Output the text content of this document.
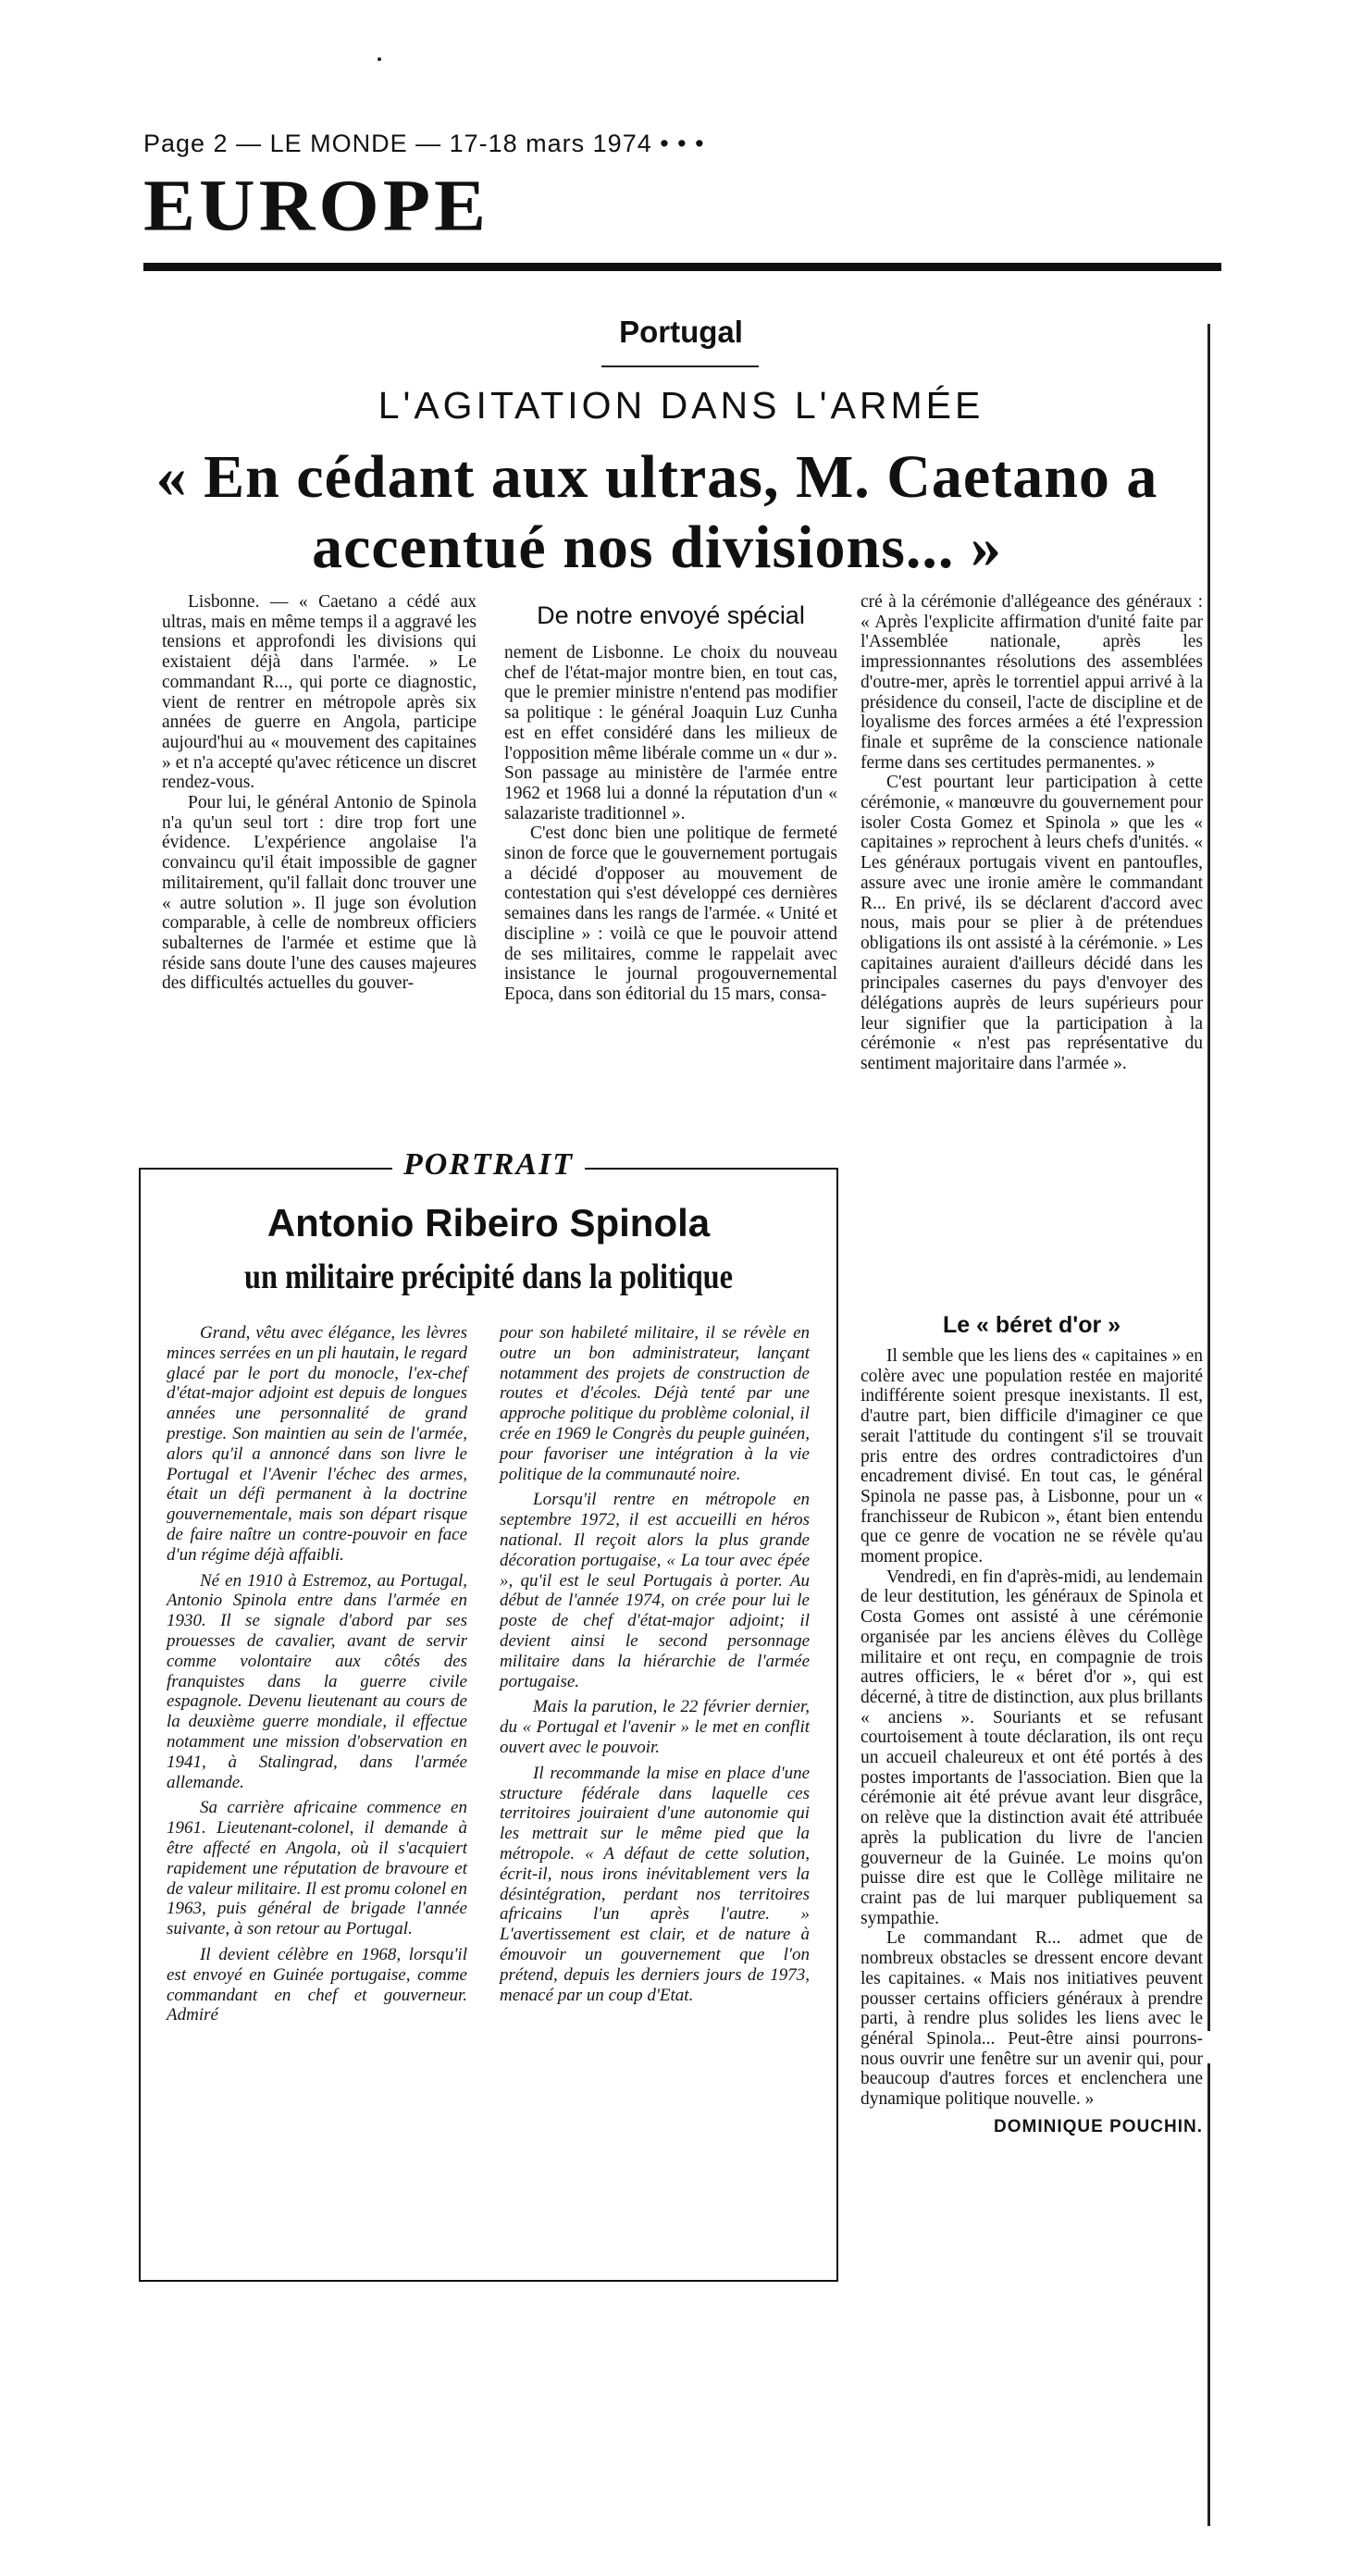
Page 2 — LE MONDE — 17-18 mars 1974 • • •
EUROPE
Portugal
L'AGITATION DANS L'ARMÉE
« En cédant aux ultras, M. Caetano a accentué nos divisions... »
De notre envoyé spécial

Lisbonne. — « Caetano a cédé aux ultras, mais en même temps il a aggravé les tensions et approfondi les divisions qui existaient déjà dans l'armée. » Le commandant R..., qui porte ce diagnostic, vient de rentrer en métropole après six années de guerre en Angola, participe aujourd'hui au « mouvement des capitaines » et n'a accepté qu'avec réticence un discret rendez-vous.

Pour lui, le général Antonio de Spinola n'a qu'un seul tort : dire trop fort une évidence. L'expérience angolaise l'a convaincu qu'il était impossible de gagner militairement, qu'il fallait donc trouver une « autre solution ». Il juge son évolution comparable, à celle de nombreux officiers subalternes de l'armée et estime que là réside sans doute l'une des causes majeures des difficultés actuelles du gouver-

nement de Lisbonne. Le choix du nouveau chef de l'état-major montre bien, en tout cas, que le premier ministre n'entend pas modifier sa politique : le général Joaquin Luz Cunha est en effet considéré dans les milieux de l'opposition même libérale comme un « dur ». Son passage au ministère de l'armée entre 1962 et 1968 lui a donné la réputation d'un « salazariste traditionnel ».

C'est donc bien une politique de fermeté sinon de force que le gouvernement portugais a décidé d'opposer au mouvement de contestation qui s'est développé ces dernières semaines dans les rangs de l'armée. « Unité et discipline » : voilà ce que le pouvoir attend de ses militaires, comme le rappelait avec insistance le journal progouvernemental Epoca, dans son éditorial du 15 mars, consa-

cré à la cérémonie d'allégeance des généraux : « Après l'explicite affirmation d'unité faite par l'Assemblée nationale, après les impressionnantes résolutions des assemblées d'outre-mer, après le torrentiel appui arrivé à la présidence du conseil, l'acte de discipline et de loyalisme des forces armées a été l'expression finale et suprême de la conscience nationale ferme dans ses certitudes permanentes. »

C'est pourtant leur participation à cette cérémonie, « manœuvre du gouvernement pour isoler Costa Gomez et Spinola » que les « capitaines » reprochent à leurs chefs d'unités. « Les généraux portugais vivent en pantoufles, assure avec une ironie amère le commandant R... En privé, ils se déclarent d'accord avec nous, mais pour se plier à de prétendues obligations ils ont assisté à la cérémonie. » Les capitaines auraient d'ailleurs décidé dans les principales casernes du pays d'envoyer des délégations auprès de leurs supérieurs pour leur signifier que la participation à la cérémonie « n'est pas représentative du sentiment majoritaire dans l'armée ».

Le « béret d'or »

Il semble que les liens des « capitaines » en colère avec une population restée en majorité indifférente soient presque inexistants. Il est, d'autre part, bien difficile d'imaginer ce que serait l'attitude du contingent s'il se trouvait pris entre des ordres contradictoires d'un encadrement divisé. En tout cas, le général Spinola ne passe pas, à Lisbonne, pour un « franchisseur de Rubicon », étant bien entendu que ce genre de vocation ne se révèle qu'au moment propice.

Vendredi, en fin d'après-midi, au lendemain de leur destitution, les généraux de Spinola et Costa Gomes ont assisté à une cérémonie organisée par les anciens élèves du Collège militaire et ont reçu, en compagnie de trois autres officiers, le « béret d'or », qui est décerné, à titre de distinction, aux plus brillants « anciens ». Souriants et se refusant courtoisement à toute déclaration, ils ont reçu un accueil chaleureux et ont été portés à des postes importants de l'association. Bien que la cérémonie ait été prévue avant leur disgrâce, on relève que la distinction avait été attribuée après la publication du livre de l'ancien gouverneur de la Guinée. Le moins qu'on puisse dire est que le Collège militaire ne craint pas de lui marquer publiquement sa sympathie.

Le commandant R... admet que de nombreux obstacles se dressent encore devant les capitaines. « Mais nos initiatives peuvent pousser certains officiers généraux à prendre parti, à rendre plus solides les liens avec le général Spinola... Peut-être ainsi pourrons-nous ouvrir une fenêtre sur un avenir qui, pour beaucoup d'autres forces et enclenchera une dynamique politique nouvelle. »

DOMINIQUE POUCHIN.

PORTRAIT
Antonio Ribeiro Spinola
un militaire précipité dans la politique

Grand, vêtu avec élégance, les lèvres minces serrées en un pli hautain, le regard glacé par le port du monocle, l'ex-chef d'état-major adjoint est depuis de longues années une personnalité de grand prestige. Son maintien au sein de l'armée, alors qu'il a annoncé dans son livre le Portugal et l'Avenir l'échec des armes, était un défi permanent à la doctrine gouvernementale, mais son départ risque de faire naître un contre-pouvoir en face d'un régime déjà affaibli.

Né en 1910 à Estremoz, au Portugal, Antonio Spinola entre dans l'armée en 1930. Il se signale d'abord par ses prouesses de cavalier, avant de servir comme volontaire aux côtés des franquistes dans la guerre civile espagnole. Devenu lieutenant au cours de la deuxième guerre mondiale, il effectue notamment une mission d'observation en 1941, à Stalingrad, dans l'armée allemande.

Sa carrière africaine commence en 1961. Lieutenant-colonel, il demande à être affecté en Angola, où il s'acquiert rapidement une réputation de bravoure et de valeur militaire. Il est promu colonel en 1963, puis général de brigade l'année suivante, à son retour au Portugal.

Il devient célèbre en 1968, lorsqu'il est envoyé en Guinée portugaise, comme commandant en chef et gouverneur. Admiré

pour son habileté militaire, il se révèle en outre un bon administrateur, lançant notamment des projets de construction de routes et d'écoles. Déjà tenté par une approche politique du problème colonial, il crée en 1969 le Congrès du peuple guinéen, pour favoriser une intégration à la vie politique de la communauté noire.

Lorsqu'il rentre en métropole en septembre 1972, il est accueilli en héros national. Il reçoit alors la plus grande décoration portugaise, « La tour avec épée », qu'il est le seul Portugais à porter. Au début de l'année 1974, on crée pour lui le poste de chef d'état-major adjoint; il devient ainsi le second personnage militaire dans la hiérarchie de l'armée portugaise.

Mais la parution, le 22 février dernier, du « Portugal et l'avenir » le met en conflit ouvert avec le pouvoir.

Il recommande la mise en place d'une structure fédérale dans laquelle ces territoires jouiraient d'une autonomie qui les mettrait sur le même pied que la métropole. « A défaut de cette solution, écrit-il, nous irons inévitablement vers la désintégration, perdant nos territoires africains l'un après l'autre. » L'avertissement est clair, et de nature à émouvoir un gouvernement que l'on prétend, depuis les derniers jours de 1973, menacé par un coup d'Etat.
